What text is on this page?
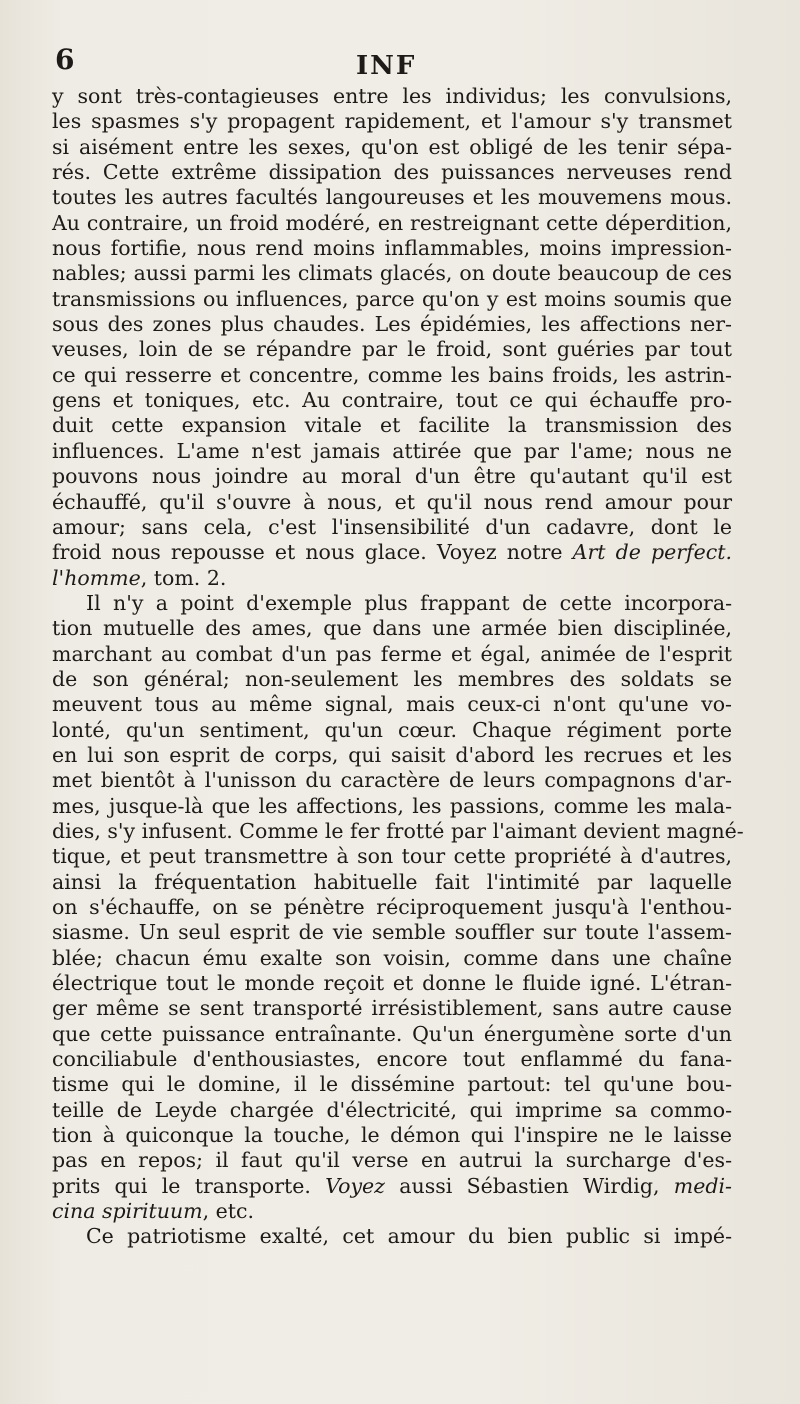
6	INF
y sont très-contagieuses entre les individus; les convulsions,
les spasmes s'y propagent rapidement, et l'amour s'y transmet
si aisément entre les sexes, qu'on est obligé de les tenir sépa-
rés. Cette extrême dissipation des puissances nerveuses rend
toutes les autres facultés langoureuses et les mouvemens mous.
Au contraire, un froid modéré, en restreignant cette déperdition,
nous fortifie, nous rend moins inflammables, moins impression-
nables; aussi parmi les climats glacés, on doute beaucoup de ces
transmissions ou influences, parce qu'on y est moins soumis que
sous des zones plus chaudes. Les épidémies, les affections ner-
veuses, loin de se répandre par le froid, sont guéries par tout
ce qui resserre et concentre, comme les bains froids, les astrin-
gens et toniques, etc. Au contraire, tout ce qui échauffe pro-
duit cette expansion vitale et facilite la transmission des
influences. L'ame n'est jamais attirée que par l'ame; nous ne
pouvons nous joindre au moral d'un être qu'autant qu'il est
échauffé, qu'il s'ouvre à nous, et qu'il nous rend amour pour
amour; sans cela, c'est l'insensibilité d'un cadavre, dont le
froid nous repousse et nous glace. Voyez notre Art de perfect.
l'homme, tom. 2.
Il n'y a point d'exemple plus frappant de cette incorpora-
tion mutuelle des ames, que dans une armée bien disciplinée,
marchant au combat d'un pas ferme et égal, animée de l'esprit
de son général; non-seulement les membres des soldats se
meuvent tous au même signal, mais ceux-ci n'ont qu'une vo-
lonté, qu'un sentiment, qu'un cœur. Chaque régiment porte
en lui son esprit de corps, qui saisit d'abord les recrues et les
met bientôt à l'unisson du caractère de leurs compagnons d'ar-
mes, jusque-là que les affections, les passions, comme les mala-
dies, s'y infusent. Comme le fer frotté par l'aimant devient magné-
tique, et peut transmettre à son tour cette propriété à d'autres,
ainsi la fréquentation habituelle fait l'intimité par laquelle
on s'échauffe, on se pénètre réciproquement jusqu'à l'enthou-
siasme. Un seul esprit de vie semble souffler sur toute l'assem-
blée; chacun ému exalte son voisin, comme dans une chaîne
électrique tout le monde reçoit et donne le fluide igné. L'étran-
ger même se sent transporté irrésistiblement, sans autre cause
que cette puissance entraînante. Qu'un énergumène sorte d'un
conciliabule d'enthousiastes, encore tout enflammé du fana-
tisme qui le domine, il le dissémine partout: tel qu'une bou-
teille de Leyde chargée d'électricité, qui imprime sa commo-
tion à quiconque la touche, le démon qui l'inspire ne le laisse
pas en repos; il faut qu'il verse en autrui la surcharge d'es-
prits qui le transporte. Voyez aussi Sébastien Wirdig, medi-
cina spirituum, etc.
Ce patriotisme exalté, cet amour du bien public si impé-
